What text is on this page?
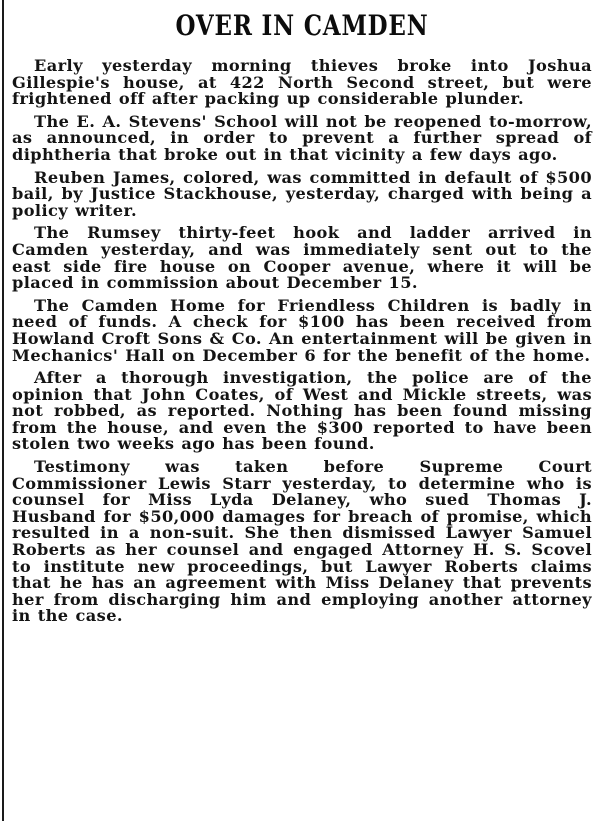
OVER IN CAMDEN

Early yesterday morning thieves broke into Joshua Gillespie's house, at 422 North Second street, but were frightened off after packing up considerable plunder.

The E. A. Stevens' School will not be reopened to-morrow, as announced, in order to prevent a further spread of diphtheria that broke out in that vicinity a few days ago.

Reuben James, colored, was committed in default of $500 bail, by Justice Stackhouse, yesterday, charged with being a policy writer.

The Rumsey thirty-feet hook and ladder arrived in Camden yesterday, and was immediately sent out to the east side fire house on Cooper avenue, where it will be placed in commission about December 15.

The Camden Home for Friendless Children is badly in need of funds. A check for $100 has been received from Howland Croft Sons & Co. An entertainment will be given in Mechanics' Hall on December 6 for the benefit of the home.

After a thorough investigation, the police are of the opinion that John Coates, of West and Mickle streets, was not robbed, as reported. Nothing has been found missing from the house, and even the $300 reported to have been stolen two weeks ago has been found.

Testimony was taken before Supreme Court Commissioner Lewis Starr yesterday, to determine who is counsel for Miss Lyda Delaney, who sued Thomas J. Husband for $50,000 damages for breach of promise, which resulted in a non-suit. She then dismissed Lawyer Samuel Roberts as her counsel and engaged Attorney H. S. Scovel to institute new proceedings, but Lawyer Roberts claims that he has an agreement with Miss Delaney that prevents her from discharging him and employing another attorney in the case.
